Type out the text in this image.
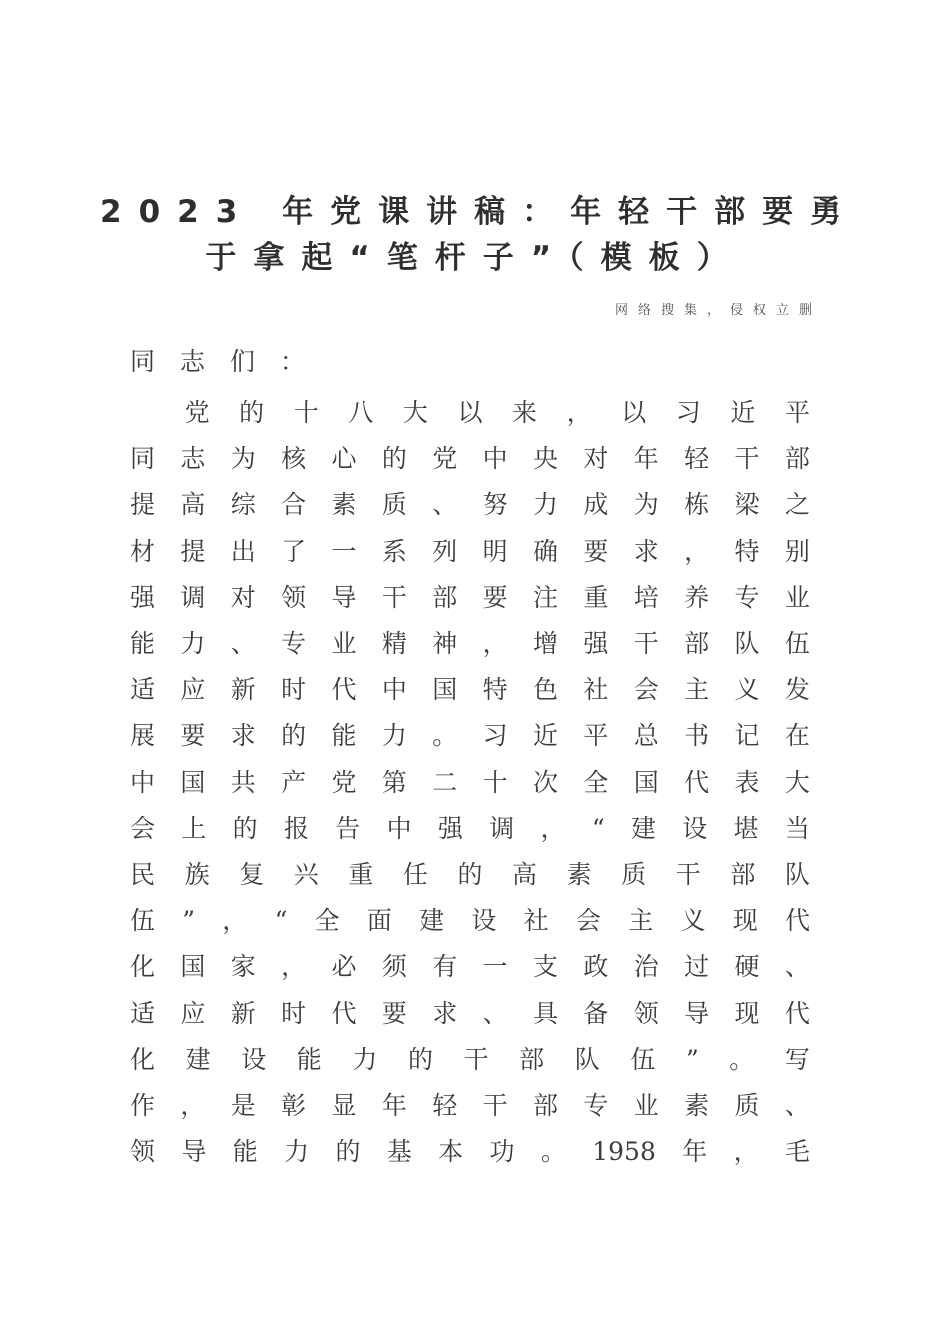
2023 年党课讲稿：年轻干部要勇
于拿起“笔杆子”（模板）
网络搜集，侵权立删
同志们：

党 的 十 八 大 以 来 ， 以 习 近 平
同 志 为 核 心 的 党 中 央 对 年 轻 干 部
提 高 综 合 素 质 、 努 力 成 为 栋 梁 之
材 提 出 了 一 系 列 明 确 要 求 ， 特 别
强 调 对 领 导 干 部 要 注 重 培 养 专 业
能 力 、 专 业 精 神 ， 增 强 干 部 队 伍
适 应 新 时 代 中 国 特 色 社 会 主 义 发
展 要 求 的 能 力 。 习 近 平 总 书 记 在
中 国 共 产 党 第 二 十 次 全 国 代 表 大
会 上 的 报 告 中 强 调 ， “ 建 设 堪 当
民 族 复 兴 重 任 的 高 素 质 干 部 队
伍 ” ， “ 全 面 建 设 社 会 主 义 现 代
化 国 家 ， 必 须 有 一 支 政 治 过 硬 、
适 应 新 时 代 要 求 、 具 备 领 导 现 代
化 建 设 能 力 的 干 部 队 伍 ” 。 写
作 ， 是 彰 显 年 轻 干 部 专 业 素 质 、
领 导 能 力 的 基 本 功 。 1958 年 ， 毛
